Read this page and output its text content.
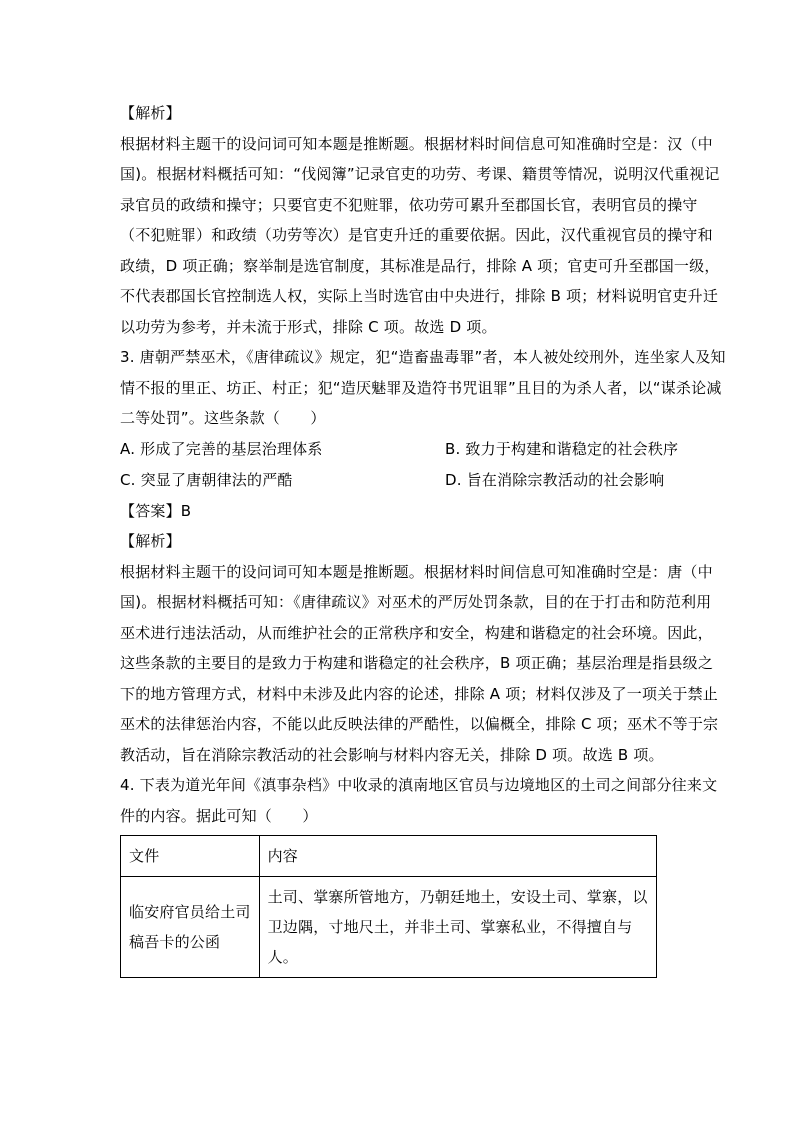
【解析】
根据材料主题干的设问词可知本题是推断题。根据材料时间信息可知准确时空是：汉（中
国)。根据材料概括可知：“伐阅簿”记录官吏的功劳、考课、籍贯等情况，说明汉代重视记
录官员的政绩和操守；只要官吏不犯赃罪，依功劳可累升至郡国长官，表明官员的操守
（不犯赃罪）和政绩（功劳等次）是官吏升迁的重要依据。因此，汉代重视官员的操守和
政绩，D 项正确；察举制是选官制度，其标准是品行，排除 A 项；官吏可升至郡国一级，
不代表郡国长官控制选人权，实际上当时选官由中央进行，排除 B 项；材料说明官吏升迁
以功劳为参考，并未流于形式，排除 C 项。故选 D 项。
3. 唐朝严禁巫术，《唐律疏议》规定，犯“造畜蛊毒罪”者，本人被处绞刑外，连坐家人及知
情不报的里正、坊正、村正；犯“造厌魅罪及造符书咒诅罪”且目的为杀人者，以“谋杀论减
二等处罚”。这些条款（　　）
A. 形成了完善的基层治理体系	B. 致力于构建和谐稳定的社会秩序
C. 突显了唐朝律法的严酷	D. 旨在消除宗教活动的社会影响
【答案】B
【解析】
根据材料主题干的设问词可知本题是推断题。根据材料时间信息可知准确时空是：唐（中
国)。根据材料概括可知：《唐律疏议》对巫术的严厉处罚条款，目的在于打击和防范利用
巫术进行违法活动，从而维护社会的正常秩序和安全，构建和谐稳定的社会环境。因此，
这些条款的主要目的是致力于构建和谐稳定的社会秩序，B 项正确；基层治理是指县级之
下的地方管理方式，材料中未涉及此内容的论述，排除 A 项；材料仅涉及了一项关于禁止
巫术的法律惩治内容，不能以此反映法律的严酷性，以偏概全，排除 C 项；巫术不等于宗
教活动，旨在消除宗教活动的社会影响与材料内容无关，排除 D 项。故选 B 项。
4. 下表为道光年间《滇事杂档》中收录的滇南地区官员与边境地区的土司之间部分往来文
件的内容。据此可知（　　）
文件	内容

临安府官员给土司
稿吾卡的公函	土司、掌寨所管地方，乃朝廷地土，安设土司、掌寨，以
卫边隅，寸地尺土，并非土司、掌寨私业，不得擅自与
人。
